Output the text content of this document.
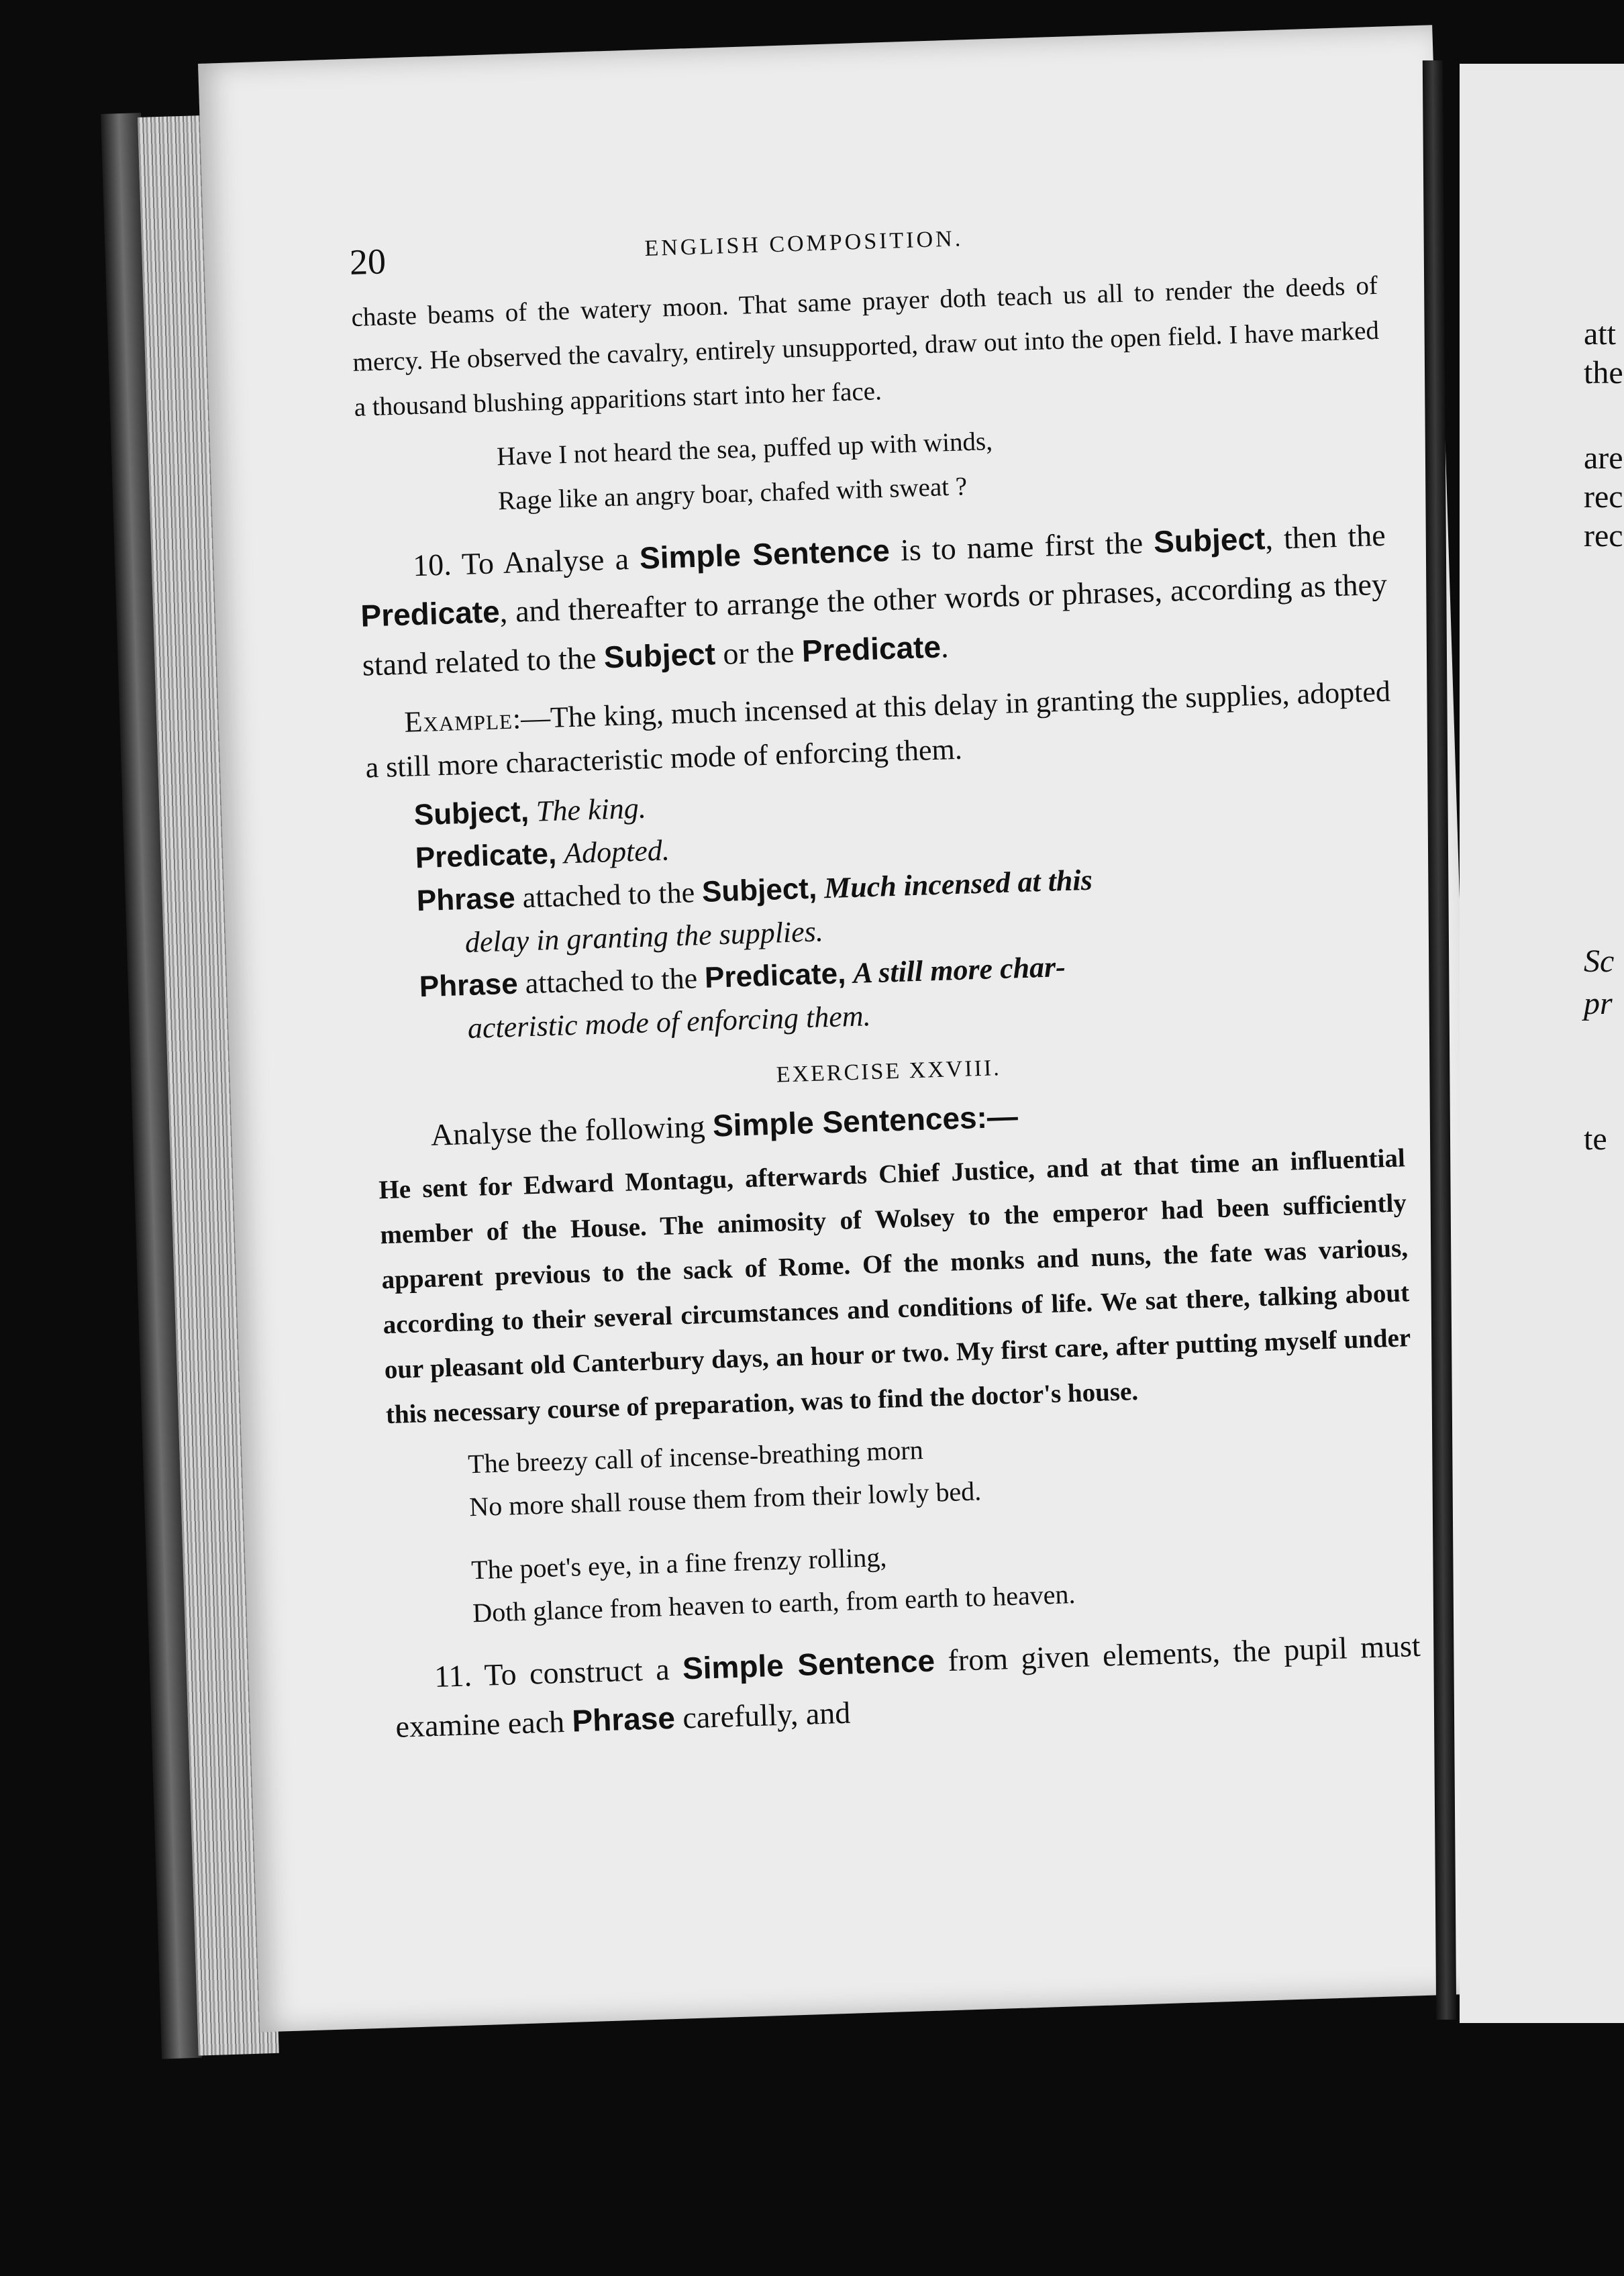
att
the
are
rec
rec
Sc
pr
te
20	ENGLISH COMPOSITION.

chaste beams of the watery moon. That same prayer doth teach us all to render the deeds of mercy. He observed the cavalry, entirely unsupported, draw out into the open field. I have marked a thousand blushing apparitions start into her face.

Have I not heard the sea, puffed up with winds,

Rage like an angry boar, chafed with sweat ?

10. To Analyse a Simple Sentence is to name first the Subject, then the Predicate, and thereafter to arrange the other words or phrases, according as they stand related to the Subject or the Predicate.

Example:—The king, much incensed at this delay in granting the supplies, adopted a still more characteristic mode of enforcing them.

Subject, The king.

Predicate, Adopted.

Phrase attached to the Subject, Much incensed at this

delay in granting the supplies.

Phrase attached to the Predicate, A still more char-

acteristic mode of enforcing them.

EXERCISE XXVIII.

Analyse the following Simple Sentences:—

He sent for Edward Montagu, afterwards Chief Justice, and at that time an influential member of the House. The animosity of Wolsey to the emperor had been sufficiently apparent previous to the sack of Rome. Of the monks and nuns, the fate was various, according to their several circumstances and conditions of life. We sat there, talking about our pleasant old Canterbury days, an hour or two. My first care, after putting myself under this necessary course of preparation, was to find the doctor's house.

The breezy call of incense-breathing morn

No more shall rouse them from their lowly bed.

The poet's eye, in a fine frenzy rolling,

Doth glance from heaven to earth, from earth to heaven.

11. To construct a Simple Sentence from given elements, the pupil must examine each Phrase carefully, and
